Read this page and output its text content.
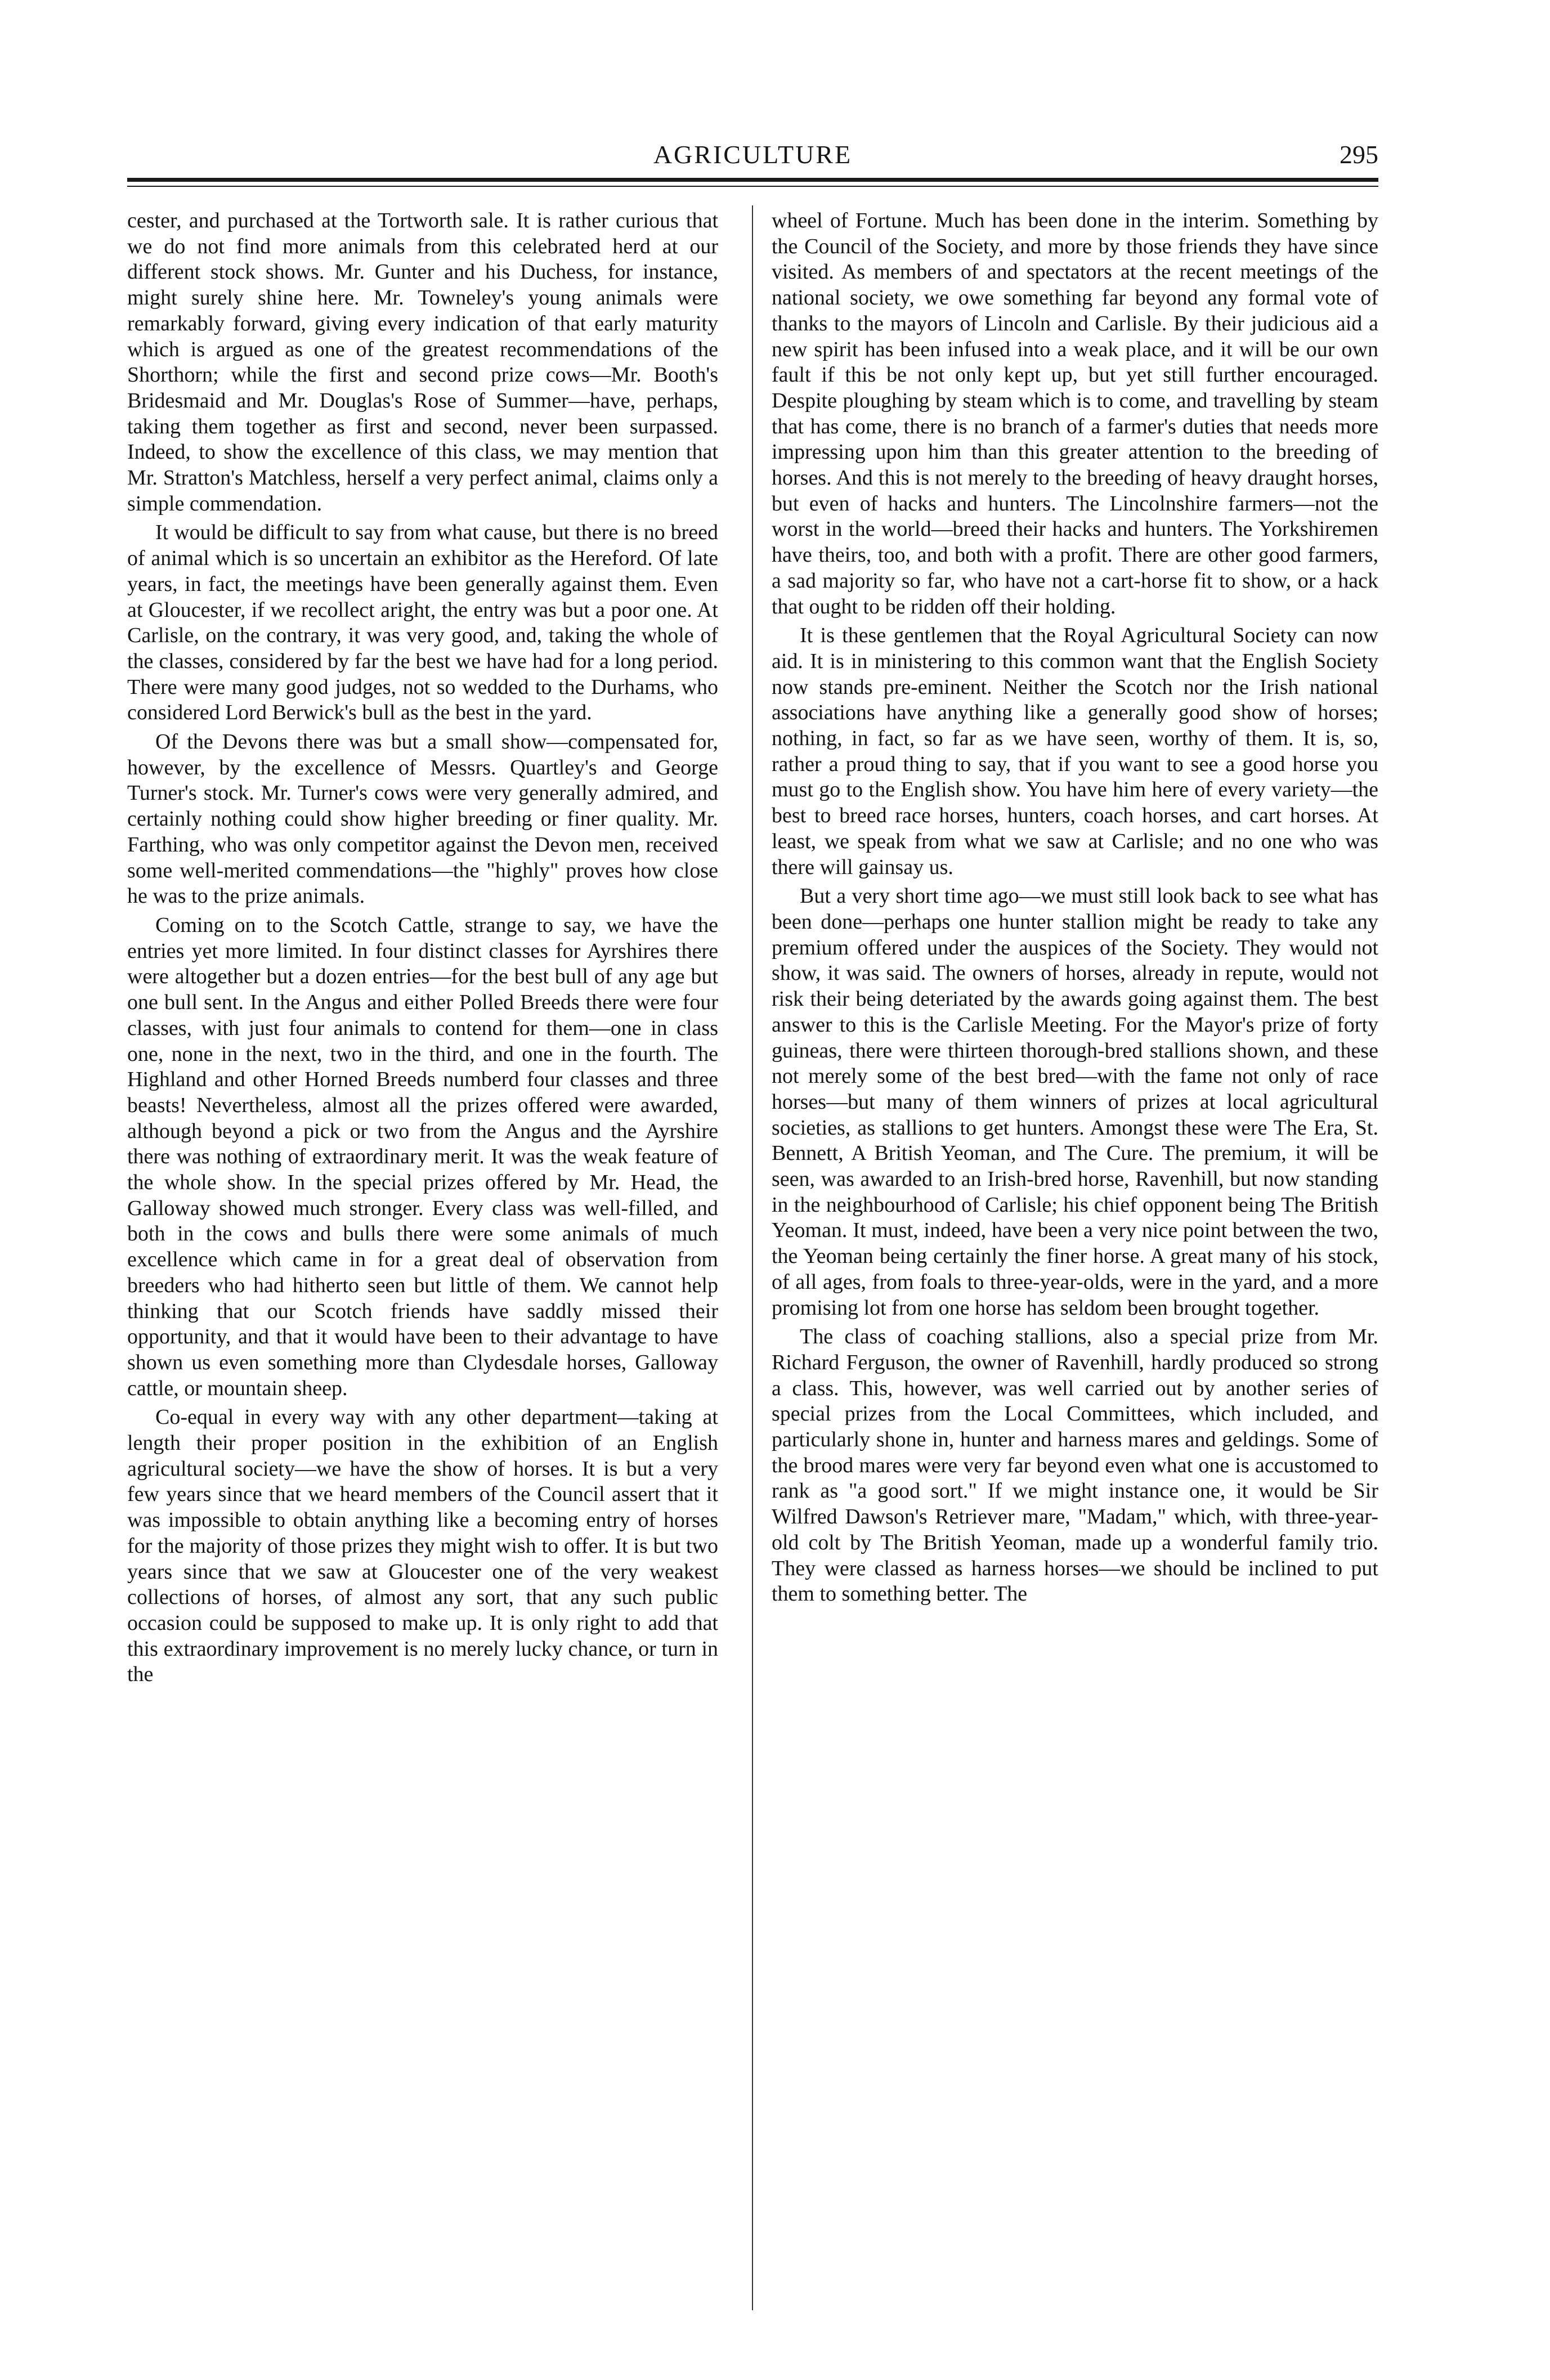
AGRICULTURE	295

cester, and purchased at the Tortworth sale. It is rather curious that we do not find more animals from this celebrated herd at our different stock shows. Mr. Gunter and his Duchess, for instance, might surely shine here. Mr. Towneley's young animals were remarkably forward, giving every indication of that early maturity which is argued as one of the greatest recommendations of the Shorthorn; while the first and second prize cows—Mr. Booth's Bridesmaid and Mr. Douglas's Rose of Summer—have, perhaps, taking them together as first and second, never been surpassed. Indeed, to show the excellence of this class, we may mention that Mr. Stratton's Matchless, herself a very perfect animal, claims only a simple commendation.

It would be difficult to say from what cause, but there is no breed of animal which is so uncertain an exhibitor as the Hereford. Of late years, in fact, the meetings have been generally against them. Even at Gloucester, if we recollect aright, the entry was but a poor one. At Carlisle, on the contrary, it was very good, and, taking the whole of the classes, considered by far the best we have had for a long period. There were many good judges, not so wedded to the Durhams, who considered Lord Berwick's bull as the best in the yard.

Of the Devons there was but a small show—compensated for, however, by the excellence of Messrs. Quartley's and George Turner's stock. Mr. Turner's cows were very generally admired, and certainly nothing could show higher breeding or finer quality. Mr. Farthing, who was only competitor against the Devon men, received some well-merited commendations—the "highly" proves how close he was to the prize animals.

Coming on to the Scotch Cattle, strange to say, we have the entries yet more limited. In four distinct classes for Ayrshires there were altogether but a dozen entries—for the best bull of any age but one bull sent. In the Angus and either Polled Breeds there were four classes, with just four animals to contend for them—one in class one, none in the next, two in the third, and one in the fourth. The Highland and other Horned Breeds numberd four classes and three beasts! Nevertheless, almost all the prizes offered were awarded, although beyond a pick or two from the Angus and the Ayrshire there was nothing of extraordinary merit. It was the weak feature of the whole show. In the special prizes offered by Mr. Head, the Galloway showed much stronger. Every class was well-filled, and both in the cows and bulls there were some animals of much excellence which came in for a great deal of observation from breeders who had hitherto seen but little of them. We cannot help thinking that our Scotch friends have saddly missed their opportunity, and that it would have been to their advantage to have shown us even something more than Clydesdale horses, Galloway cattle, or mountain sheep.

Co-equal in every way with any other department—taking at length their proper position in the exhibition of an English agricultural society—we have the show of horses. It is but a very few years since that we heard members of the Council assert that it was impossible to obtain anything like a becoming entry of horses for the majority of those prizes they might wish to offer. It is but two years since that we saw at Gloucester one of the very weakest collections of horses, of almost any sort, that any such public occasion could be supposed to make up. It is only right to add that this extraordinary improvement is no merely lucky chance, or turn in the

wheel of Fortune. Much has been done in the interim. Something by the Council of the Society, and more by those friends they have since visited. As members of and spectators at the recent meetings of the national society, we owe something far beyond any formal vote of thanks to the mayors of Lincoln and Carlisle. By their judicious aid a new spirit has been infused into a weak place, and it will be our own fault if this be not only kept up, but yet still further encouraged. Despite ploughing by steam which is to come, and travelling by steam that has come, there is no branch of a farmer's duties that needs more impressing upon him than this greater attention to the breeding of horses. And this is not merely to the breeding of heavy draught horses, but even of hacks and hunters. The Lincolnshire farmers—not the worst in the world—breed their hacks and hunters. The Yorkshiremen have theirs, too, and both with a profit. There are other good farmers, a sad majority so far, who have not a cart-horse fit to show, or a hack that ought to be ridden off their holding.

It is these gentlemen that the Royal Agricultural Society can now aid. It is in ministering to this common want that the English Society now stands pre-eminent. Neither the Scotch nor the Irish national associations have anything like a generally good show of horses; nothing, in fact, so far as we have seen, worthy of them. It is, so, rather a proud thing to say, that if you want to see a good horse you must go to the English show. You have him here of every variety—the best to breed race horses, hunters, coach horses, and cart horses. At least, we speak from what we saw at Carlisle; and no one who was there will gainsay us.

But a very short time ago—we must still look back to see what has been done—perhaps one hunter stallion might be ready to take any premium offered under the auspices of the Society. They would not show, it was said. The owners of horses, already in repute, would not risk their being deteriated by the awards going against them. The best answer to this is the Carlisle Meeting. For the Mayor's prize of forty guineas, there were thirteen thorough-bred stallions shown, and these not merely some of the best bred—with the fame not only of race horses—but many of them winners of prizes at local agricultural societies, as stallions to get hunters. Amongst these were The Era, St. Bennett, A British Yeoman, and The Cure. The premium, it will be seen, was awarded to an Irish-bred horse, Ravenhill, but now standing in the neighbourhood of Carlisle; his chief opponent being The British Yeoman. It must, indeed, have been a very nice point between the two, the Yeoman being certainly the finer horse. A great many of his stock, of all ages, from foals to three-year-olds, were in the yard, and a more promising lot from one horse has seldom been brought together.

The class of coaching stallions, also a special prize from Mr. Richard Ferguson, the owner of Ravenhill, hardly produced so strong a class. This, however, was well carried out by another series of special prizes from the Local Committees, which included, and particularly shone in, hunter and harness mares and geldings. Some of the brood mares were very far beyond even what one is accustomed to rank as "a good sort." If we might instance one, it would be Sir Wilfred Dawson's Retriever mare, "Madam," which, with three-year-old colt by The British Yeoman, made up a wonderful family trio. They were classed as harness horses—we should be inclined to put them to something better. The
